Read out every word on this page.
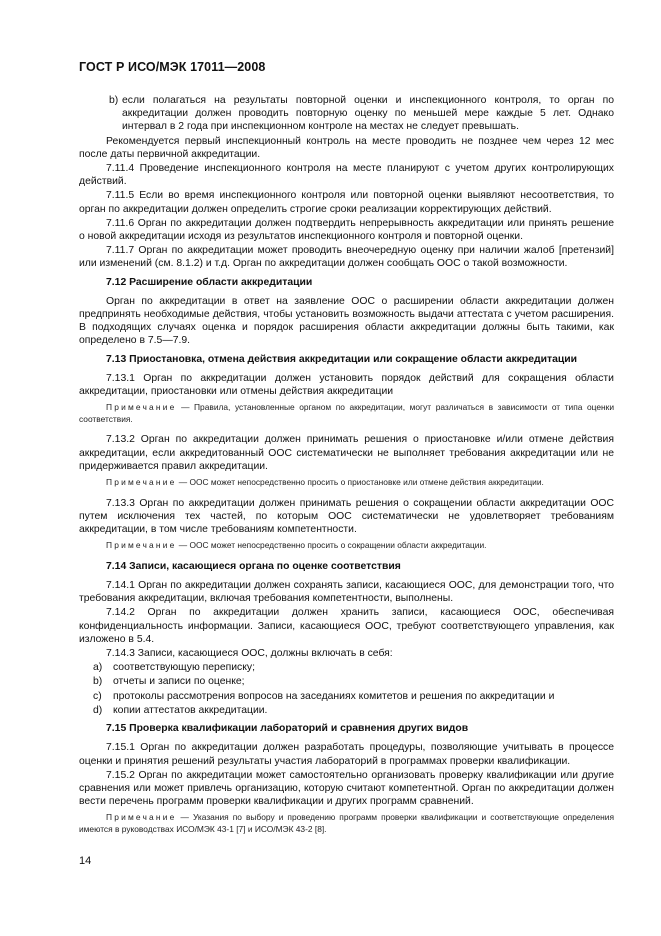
ГОСТ Р ИСО/МЭК 17011—2008
b) если полагаться на результаты повторной оценки и инспекционного контроля, то орган по аккредитации должен проводить повторную оценку по меньшей мере каждые 5 лет. Однако интервал в 2 года при инспекционном контроле на местах не следует превышать.

Рекомендуется первый инспекционный контроль на месте проводить не позднее чем через 12 мес после даты первичной аккредитации.

7.11.4 Проведение инспекционного контроля на месте планируют с учетом других контролирующих действий.

7.11.5 Если во время инспекционного контроля или повторной оценки выявляют несоответствия, то орган по аккредитации должен определить строгие сроки реализации корректирующих действий.

7.11.6 Орган по аккредитации должен подтвердить непрерывность аккредитации или принять решение о новой аккредитации исходя из результатов инспекционного контроля и повторной оценки.

7.11.7 Орган по аккредитации может проводить внеочередную оценку при наличии жалоб [претензий] или изменений (см. 8.1.2) и т.д. Орган по аккредитации должен сообщать ООС о такой возможности.

7.12 Расширение области аккредитации

Орган по аккредитации в ответ на заявление ООС о расширении области аккредитации должен предпринять необходимые действия, чтобы установить возможность выдачи аттестата с учетом расширения. В подходящих случаях оценка и порядок расширения области аккредитации должны быть такими, как определено в 7.5—7.9.

7.13 Приостановка, отмена действия аккредитации или сокращение области аккредитации

7.13.1 Орган по аккредитации должен установить порядок действий для сокращения области аккредитации, приостановки или отмены действия аккредитации

Примечание — Правила, установленные органом по аккредитации, могут различаться в зависимости от типа оценки соответствия.

7.13.2 Орган по аккредитации должен принимать решения о приостановке и/или отмене действия аккредитации, если аккредитованный ООС систематически не выполняет требования аккредитации или не придерживается правил аккредитации.

Примечание — ООС может непосредственно просить о приостановке или отмене действия аккредитации.

7.13.3 Орган по аккредитации должен принимать решения о сокращении области аккредитации ООС путем исключения тех частей, по которым ООС систематически не удовлетворяет требованиям аккредитации, в том числе требованиям компетентности.

Примечание — ООС может непосредственно просить о сокращении области аккредитации.

7.14 Записи, касающиеся органа по оценке соответствия

7.14.1 Орган по аккредитации должен сохранять записи, касающиеся ООС, для демонстрации того, что требования аккредитации, включая требования компетентности, выполнены.

7.14.2 Орган по аккредитации должен хранить записи, касающиеся ООС, обеспечивая конфиденциальность информации. Записи, касающиеся ООС, требуют соответствующего управления, как изложено в 5.4.

7.14.3 Записи, касающиеся ООС, должны включать в себя:

a)	соответствующую переписку;
b)	отчеты и записи по оценке;
c)	протоколы рассмотрения вопросов на заседаниях комитетов и решения по аккредитации и
d)	копии аттестатов аккредитации.
7.15 Проверка квалификации лабораторий и сравнения других видов

7.15.1 Орган по аккредитации должен разработать процедуры, позволяющие учитывать в процессе оценки и принятия решений результаты участия лабораторий в программах проверки квалификации.

7.15.2 Орган по аккредитации может самостоятельно организовать проверку квалификации или другие сравнения или может привлечь организацию, которую считают компетентной. Орган по аккредитации должен вести перечень программ проверки квалификации и других программ сравнений.

Примечание — Указания по выбору и проведению программ проверки квалификации и соответствующие определения имеются в руководствах ИСО/МЭК 43-1 [7] и ИСО/МЭК 43-2 [8].

14
